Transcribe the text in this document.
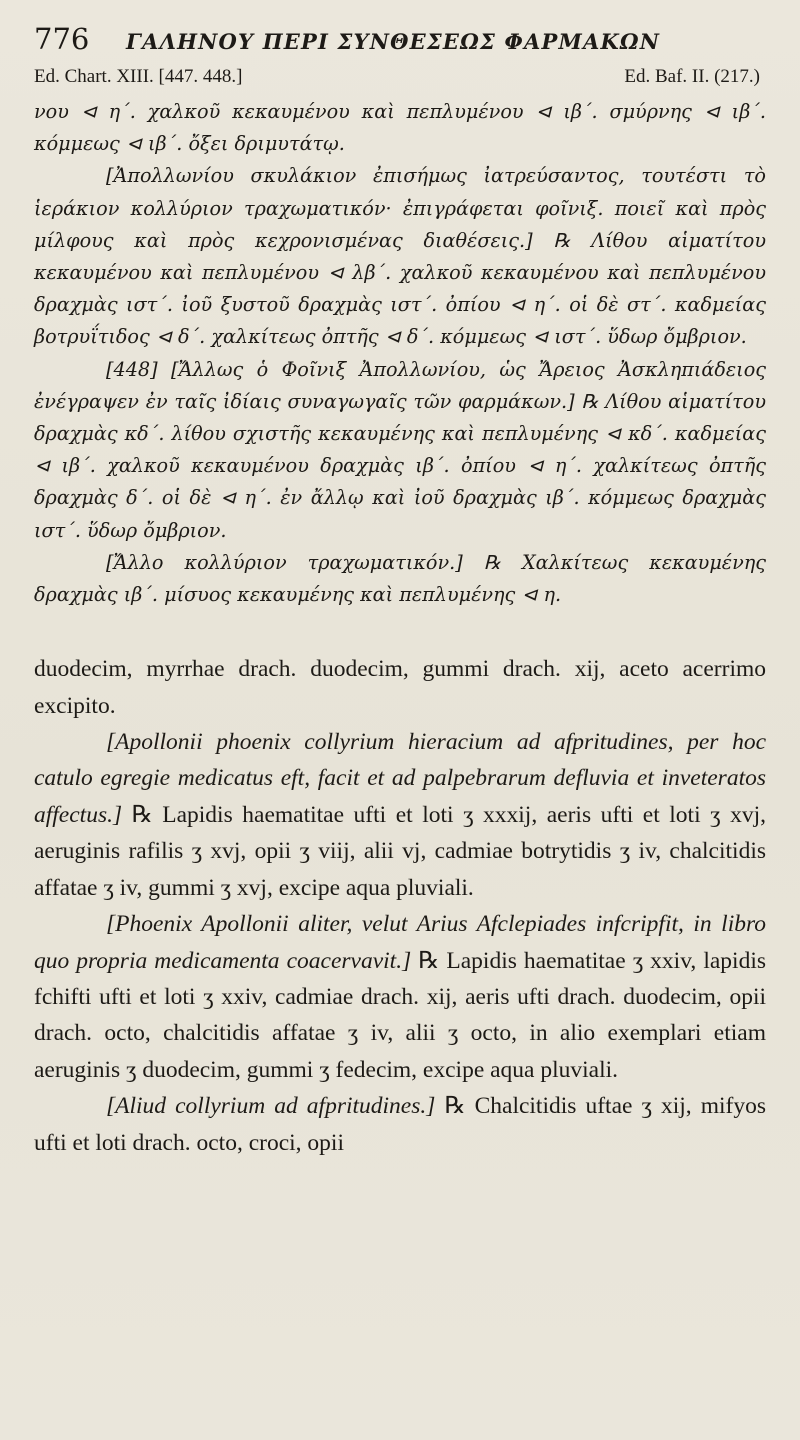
776	ΓΑΛΗΝΟΥ ΠΕΡΙ ΣΥΝΘΕΣΕΩΣ ΦΑΡΜΑΚΩΝ
Ed. Chart. XIII. [447. 448.]	Ed. Baf. II. (217.)

νου ⊲ η΄. χαλκοῦ κεκαυμένου καὶ πεπλυμένου ⊲ ιβ΄. σμύρνης ⊲ ιβ΄. κόμμεως ⊲ ιβ΄. ὄξει δριμυτάτῳ.

[Ἀπολλωνίου σκυλάκιον ἐπισήμως ἰατρεύσαντος, τουτέστι τὸ ἱεράκιον κολλύριον τραχωματικόν· ἐπιγράφεται φοῖνιξ. ποιεῖ καὶ πρὸς μίλφους καὶ πρὸς κεχρονισμένας διαθέσεις.] ℞ Λίθου αἱματίτου κεκαυμένου καὶ πεπλυμένου ⊲ λβ΄. χαλκοῦ κεκαυμένου καὶ πεπλυμένου δραχμὰς ιστ΄. ἰοῦ ξυστοῦ δραχμὰς ιστ΄. ὀπίου ⊲ η΄. οἱ δὲ στ΄. καδμείας βοτρυΐτιδος ⊲ δ΄. χαλκίτεως ὀπτῆς ⊲ δ΄. κόμμεως ⊲ ιστ΄. ὕδωρ ὄμβριον.

[448] [Ἄλλως ὁ Φοῖνιξ Ἀπολλωνίου, ὡς Ἄρειος Ἀσκληπιάδειος ἐνέγραψεν ἐν ταῖς ἰδίαις συναγωγαῖς τῶν φαρμάκων.] ℞ Λίθου αἱματίτου δραχμὰς κδ΄. λίθου σχιστῆς κεκαυμένης καὶ πεπλυμένης ⊲ κδ΄. καδμείας ⊲ ιβ΄. χαλκοῦ κεκαυμένου δραχμὰς ιβ΄. ὀπίου ⊲ η΄. χαλκίτεως ὀπτῆς δραχμὰς δ΄. οἱ δὲ ⊲ η΄. ἐν ἄλλῳ καὶ ἰοῦ δραχμὰς ιβ΄. κόμμεως δραχμὰς ιστ΄. ὕδωρ ὄμβριον.

[Ἄλλο κολλύριον τραχωματικόν.] ℞ Χαλκίτεως κεκαυμένης δραχμὰς ιβ΄. μίσυος κεκαυμένης καὶ πεπλυμένης ⊲ η.

duodecim, myrrhae drach. duodecim, gummi drach. xij, aceto acerrimo excipito.

[Apollonii phoenix collyrium hieracium ad afpritudines, per hoc catulo egregie medicatus eft, facit et ad palpebrarum defluvia et inveteratos affectus.] ℞ Lapidis haematitae ufti et loti ʒ xxxij, aeris ufti et loti ʒ xvj, aeruginis rafilis ʒ xvj, opii ʒ viij, alii vj, cadmiae botrytidis ʒ iv, chalcitidis affatae ʒ iv, gummi ʒ xvj, excipe aqua pluviali.

[Phoenix Apollonii aliter, velut Arius Afclepiades infcripfit, in libro quo propria medicamenta coacervavit.] ℞ Lapidis haematitae ʒ xxiv, lapidis fchifti ufti et loti ʒ xxiv, cadmiae drach. xij, aeris ufti drach. duodecim, opii drach. octo, chalcitidis affatae ʒ iv, alii ʒ octo, in alio exemplari etiam aeruginis ʒ duodecim, gummi ʒ fedecim, excipe aqua pluviali.

[Aliud collyrium ad afpritudines.] ℞ Chalcitidis uftae ʒ xij, mifyos ufti et loti drach. octo, croci, opii
